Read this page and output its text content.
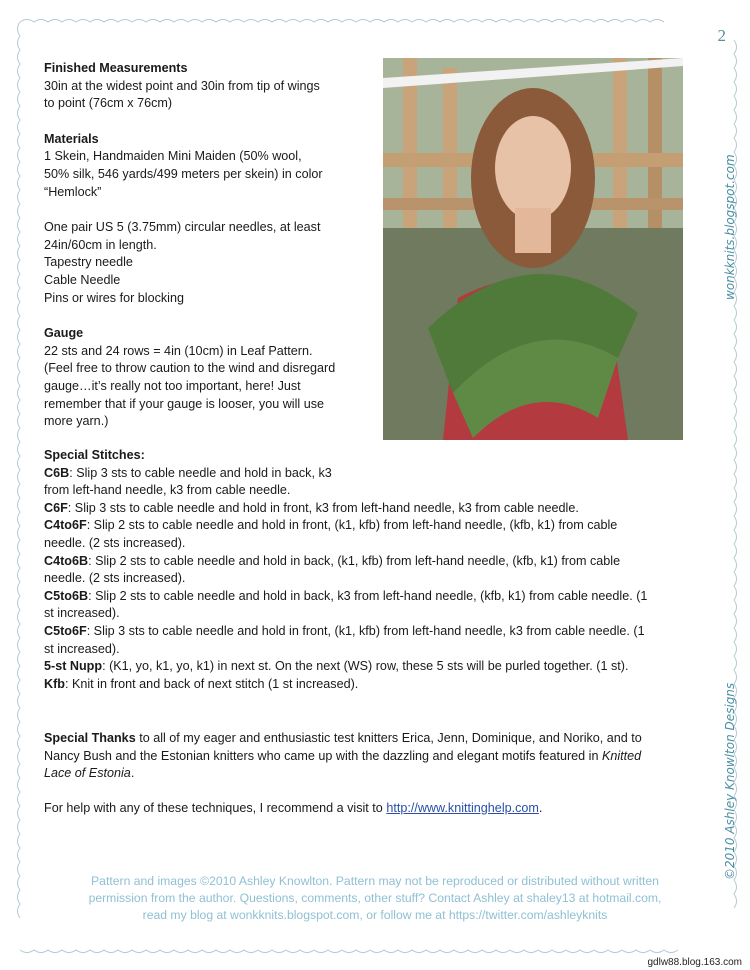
2
wonkknits.blogspot.com
©2010 Ashley Knowlton Designs

Finished Measurements

30in at the widest point and 30in from tip of wings

to point (76cm x 76cm)

Materials

1 Skein, Handmaiden Mini Maiden (50% wool,

50% silk, 546 yards/499 meters per skein) in color

“Hemlock”

One pair US 5 (3.75mm) circular needles, at least

24in/60cm in length.

Tapestry needle

Cable Needle

Pins or wires for blocking

Gauge

22 sts and 24 rows = 4in (10cm) in Leaf Pattern.

(Feel free to throw caution to the wind and disregard

gauge…it’s really not too important, here! Just

remember that if your gauge is looser, you will use

more yarn.)

Special Stitches:
C6B: Slip 3 sts to cable needle and hold in back, k3
from left-hand needle, k3 from cable needle.
C6F: Slip 3 sts to cable needle and hold in front, k3 from left-hand needle, k3 from cable needle.
C4to6F: Slip 2 sts to cable needle and hold in front, (k1, kfb) from left-hand needle, (kfb, k1) from cable
needle. (2 sts increased).
C4to6B: Slip 2 sts to cable needle and hold in back, (k1, kfb) from left-hand needle, (kfb, k1) from cable
needle. (2 sts increased).
C5to6B: Slip 2 sts to cable needle and hold in back, k3 from left-hand needle, (kfb, k1) from cable needle. (1
st increased).
C5to6F: Slip 3 sts to cable needle and hold in front, (k1, kfb) from left-hand needle, k3 from cable needle. (1
st increased).
5-st Nupp: (K1, yo, k1, yo, k1) in next st. On the next (WS) row, these 5 sts will be purled together. (1 st).
Kfb: Knit in front and back of next stitch (1 st increased).
Special Thanks to all of my eager and enthusiastic test knitters Erica, Jenn, Dominique, and Noriko, and to
Nancy Bush and the Estonian knitters who came up with the dazzling and elegant motifs featured in Knitted
Lace of Estonia.
For help with any of these techniques, I recommend a visit to http://www.knittinghelp.com.
Pattern and images ©2010 Ashley Knowlton. Pattern may not be reproduced or distributed without written
permission from the author. Questions, comments, other stuff? Contact Ashley at shaley13 at hotmail.com,
read my blog at wonkknits.blogspot.com, or follow me at https://twitter.com/ashleyknits
gdlw88.blog.163.com
